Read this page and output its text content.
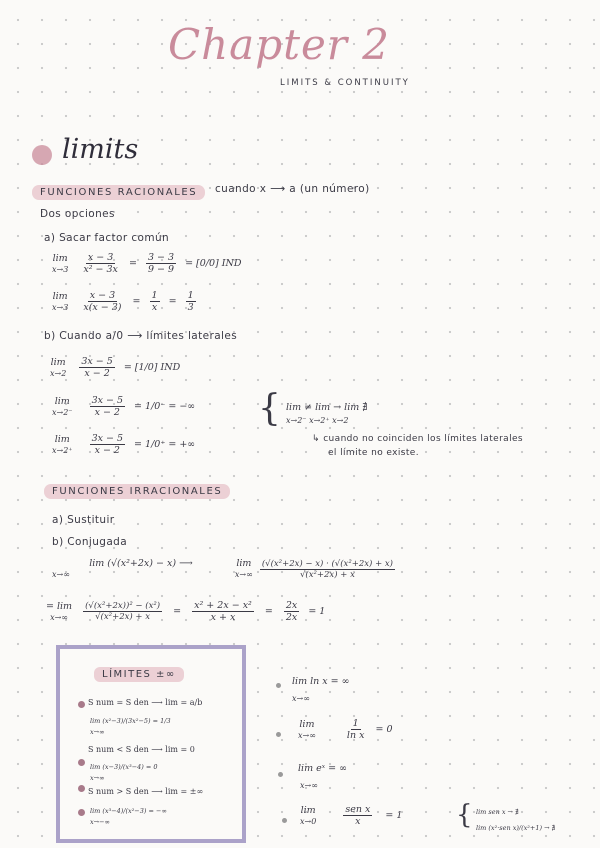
Chapter 2
LIMITS & CONTINUITY
limits
FUNCIONES RACIONALES	cuando x ⟶ a (un número)
Dos opciones
a) Sacar factor común
lim
$x\to 3 \frac{x - 3}{\text{x² − 3x}} = \frac{3 - 3}{9 - 9} = [0/0]$ IND
lim
$x\to 3 \frac{x - 3}{x(x - 3)} = \frac{1}{x} = \frac{1}{3}$
b) Cuando a/0 ⟶ límites laterales
lim
$x\to 2 \frac{3x - 5}{x - 2} = [1/0]$ IND
lim
$x\to 2^- \frac{3x - 5}{x - 2} = 1/0^-$ = −∞
lim
$x\to 2^+ \frac{3x - 5}{x - 2} = 1/0^+$ = +∞
{ lim ≠ lim → lim ∄
x→2⁻ x→2⁺ x→2
↳ cuando no coinciden los límites laterales
el límite no existe.
FUNCIONES IRRACIONALES
a) Sustituir
b) Conjugada
lim (√(x²+2x) − x) ⟶
x→∞ lim
$x\to\infty \frac{\text{(√(x²+2x) − x) · (√(x²+2x) + x)}}{\text{√(x²+2x) + x}}$
= lim
$x\to\infty \frac{\text{(√(x²+2x))² − (x²)}}{\text{√(x²+2x) + x}} = \frac{\text{x² + 2x − x²}}{x + x} = \frac{2x}{2x} = 1$
LÍMITES ±∞
S num = S den ⟶ lim = a/b
lim (x²−3)/(3x²−5) = 1/3
x→∞
S num < S den ⟶ lim = 0
lim (x−3)/(x³−4) = 0
x→∞
S num > S den ⟶ lim = ±∞
lim (x³−4)/(x²−3) = −∞
x→−∞
lim ln x = ∞
x→∞
lim
x→∞	$\frac{1}{\text{ln x}} = 0$
lim eˣ = ∞
x→∞
lim
x→0	$\frac{\text{sen x}}{x} = 1$ { lim sen x → ∄
lim (x²·sen x)/(x²+1) → ∄
